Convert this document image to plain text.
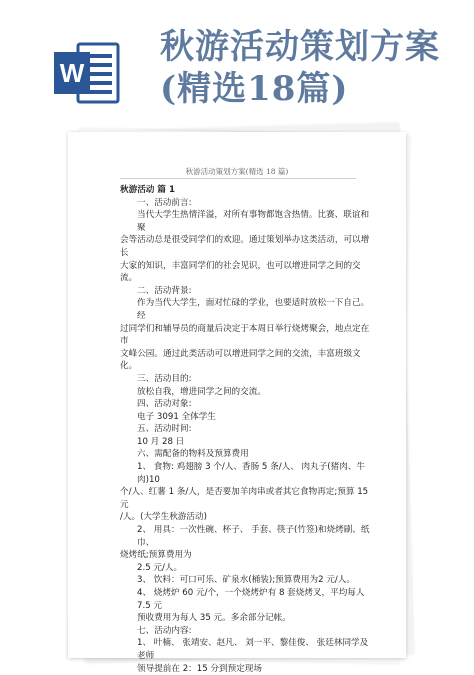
W
秋游活动策划方案
(精选18篇)
秋游活动策划方案(精选 18 篇)

秋游活动 篇 1

一、活动前言:

当代大学生热情洋溢，对所有事物都饱含热情。比赛、联谊和聚

会等活动总是很受同学们的欢迎。通过策划举办这类活动，可以增长

大家的知识，丰富同学们的社会见识，也可以增进同学之间的交流。

二、活动背景:

作为当代大学生，面对忙碌的学业，也要适时放松一下自己。经

过同学们和辅导员的商量后决定于本周日举行烧烤聚会，地点定在市

文峰公园。通过此类活动可以增进同学之间的交流，丰富班级文化。

三、活动目的:

放松自我，增进同学之间的交流。

四、活动对象:

电子 3091 全体学生

五、活动时间:

10 月 28 日

六、需配备的物料及预算费用

1、 食物: 鸡翅膀 3 个/人、香肠 5 条/人、 肉丸子(猪肉、牛肉)10

个/人、红薯 1 条/人，是否要加羊肉串或者其它食物再定;预算 15 元

/人。(大学生秋游活动)

2、 用具：一次性碗、杯子、 手套、筷子(竹签)和烧烤刷、纸巾、

烧烤纸;预算费用为

2.5 元/人。

3、 饮料：可口可乐、矿泉水(桶装);预算费用为2 元/人。

4、 烧烤炉 60 元/个，一个烧烤炉有 8 套烧烤叉，平均每人 7.5 元

预收费用为每人 35 元。多余部分记帐。

七、活动内容:

1、 叶楠、 张靖安、赵凡、 刘一平、黎佳俊、 张廷林同学及老师

领导提前在 2：15 分到预定现场
